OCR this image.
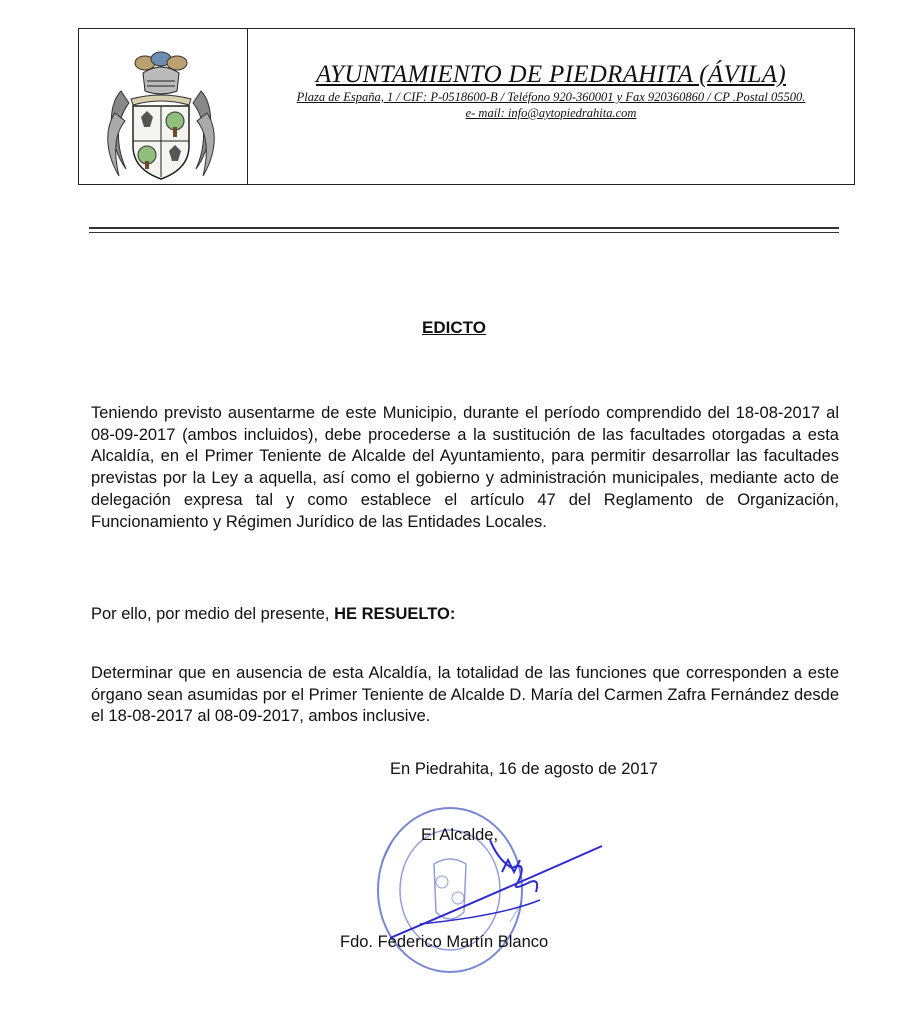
AYUNTAMIENTO DE PIEDRAHITA (ÁVILA)
Plaza de España, 1 / CIF: P-0518600-B / Teléfono 920-360001 y Fax 920360860 / CP .Postal 05500.
e- mail: info@aytopiedrahita.com
EDICTO
Teniendo previsto ausentarme de este Municipio, durante el período comprendido del 18-08-2017 al 08-09-2017 (ambos incluidos), debe procederse a la sustitución de las facultades otorgadas a esta Alcaldía, en el Primer Teniente de Alcalde del Ayuntamiento, para permitir desarrollar las facultades previstas por la Ley a aquella, así como el gobierno y administración municipales, mediante acto de delegación expresa tal y como establece el artículo 47 del Reglamento de Organización, Funcionamiento y Régimen Jurídico de las Entidades Locales.
Por ello, por medio del presente, HE RESUELTO:
Determinar que en ausencia de esta Alcaldía, la totalidad de las funciones que corresponden a este órgano sean asumidas por el Primer Teniente de Alcalde D. María del Carmen Zafra Fernández desde el 18-08-2017 al 08-09-2017, ambos inclusive.
En Piedrahita, 16 de agosto de 2017
El Alcalde,
Fdo. Federico Martín Blanco
